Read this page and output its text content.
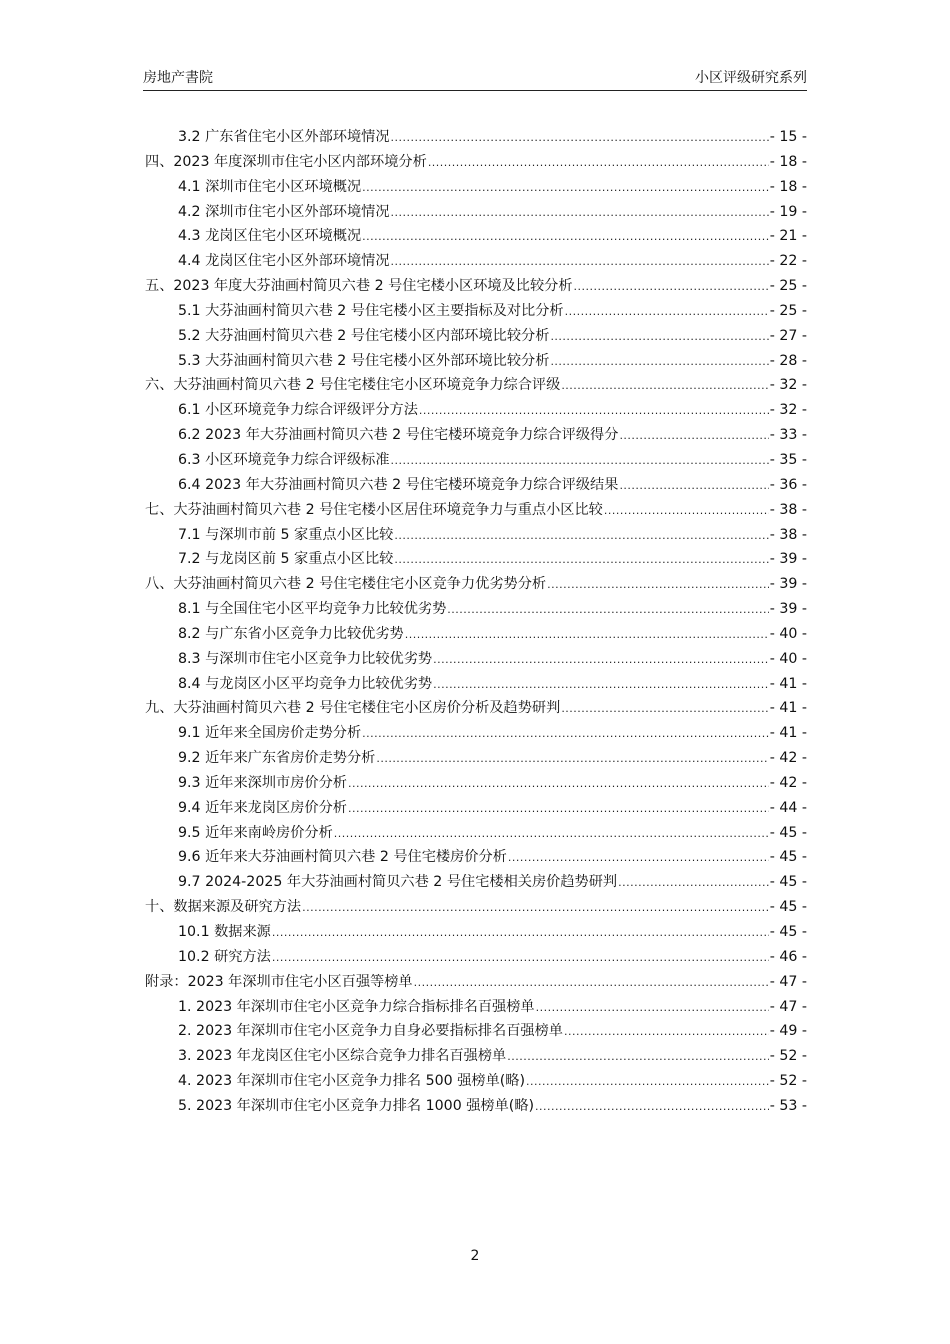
房地产書院	小区评级研究系列
3.2 广东省住宅小区外部环境情况 .....	- 15 -
四、2023 年度深圳市住宅小区内部环境分析 .....	- 18 -
4.1 深圳市住宅小区环境概况 .....	- 18 -
4.2 深圳市住宅小区外部环境情况 .....	- 19 -
4.3 龙岗区住宅小区环境概况 .....	- 21 -
4.4 龙岗区住宅小区外部环境情况 .....	- 22 -
五、2023 年度大芬油画村简贝六巷 2 号住宅楼小区环境及比较分析 .....	- 25 -
5.1 大芬油画村简贝六巷 2 号住宅楼小区主要指标及对比分析 .....	- 25 -
5.2 大芬油画村简贝六巷 2 号住宅楼小区内部环境比较分析 .....	- 27 -
5.3 大芬油画村简贝六巷 2 号住宅楼小区外部环境比较分析 .....	- 28 -
六、大芬油画村简贝六巷 2 号住宅楼住宅小区环境竞争力综合评级 .....	- 32 -
6.1 小区环境竞争力综合评级评分方法 .....	- 32 -
6.2 2023 年大芬油画村简贝六巷 2 号住宅楼环境竞争力综合评级得分 .....	- 33 -
6.3 小区环境竞争力综合评级标准 .....	- 35 -
6.4 2023 年大芬油画村简贝六巷 2 号住宅楼环境竞争力综合评级结果 .....	- 36 -
七、大芬油画村简贝六巷 2 号住宅楼小区居住环境竞争力与重点小区比较 .....	- 38 -
7.1 与深圳市前 5 家重点小区比较 .....	- 38 -
7.2 与龙岗区前 5 家重点小区比较 .....	- 39 -
八、大芬油画村简贝六巷 2 号住宅楼住宅小区竞争力优劣势分析 .....	- 39 -
8.1 与全国住宅小区平均竞争力比较优劣势 .....	- 39 -
8.2 与广东省小区竞争力比较优劣势 .....	- 40 -
8.3 与深圳市住宅小区竞争力比较优劣势 .....	- 40 -
8.4 与龙岗区小区平均竞争力比较优劣势 .....	- 41 -
九、大芬油画村简贝六巷 2 号住宅楼住宅小区房价分析及趋势研判 .....	- 41 -
9.1 近年来全国房价走势分析 .....	- 41 -
9.2 近年来广东省房价走势分析 .....	- 42 -
9.3 近年来深圳市房价分析 .....	- 42 -
9.4 近年来龙岗区房价分析 .....	- 44 -
9.5 近年来南岭房价分析 .....	- 45 -
9.6 近年来大芬油画村简贝六巷 2 号住宅楼房价分析 .....	- 45 -
9.7 2024-2025 年大芬油画村简贝六巷 2 号住宅楼相关房价趋势研判 .....	- 45 -
十、数据来源及研究方法 .....	- 45 -
10.1 数据来源 .....	- 45 -
10.2 研究方法 .....	- 46 -
附录：2023 年深圳市住宅小区百强等榜单 .....	- 47 -
1. 2023 年深圳市住宅小区竞争力综合指标排名百强榜单 .....	- 47 -
2. 2023 年深圳市住宅小区竞争力自身必要指标排名百强榜单 .....	- 49 -
3. 2023 年龙岗区住宅小区综合竞争力排名百强榜单 .....	- 52 -
4. 2023 年深圳市住宅小区竞争力排名 500 强榜单(略) .....	- 52 -
5. 2023 年深圳市住宅小区竞争力排名 1000 强榜单(略) .....	- 53 -
2
